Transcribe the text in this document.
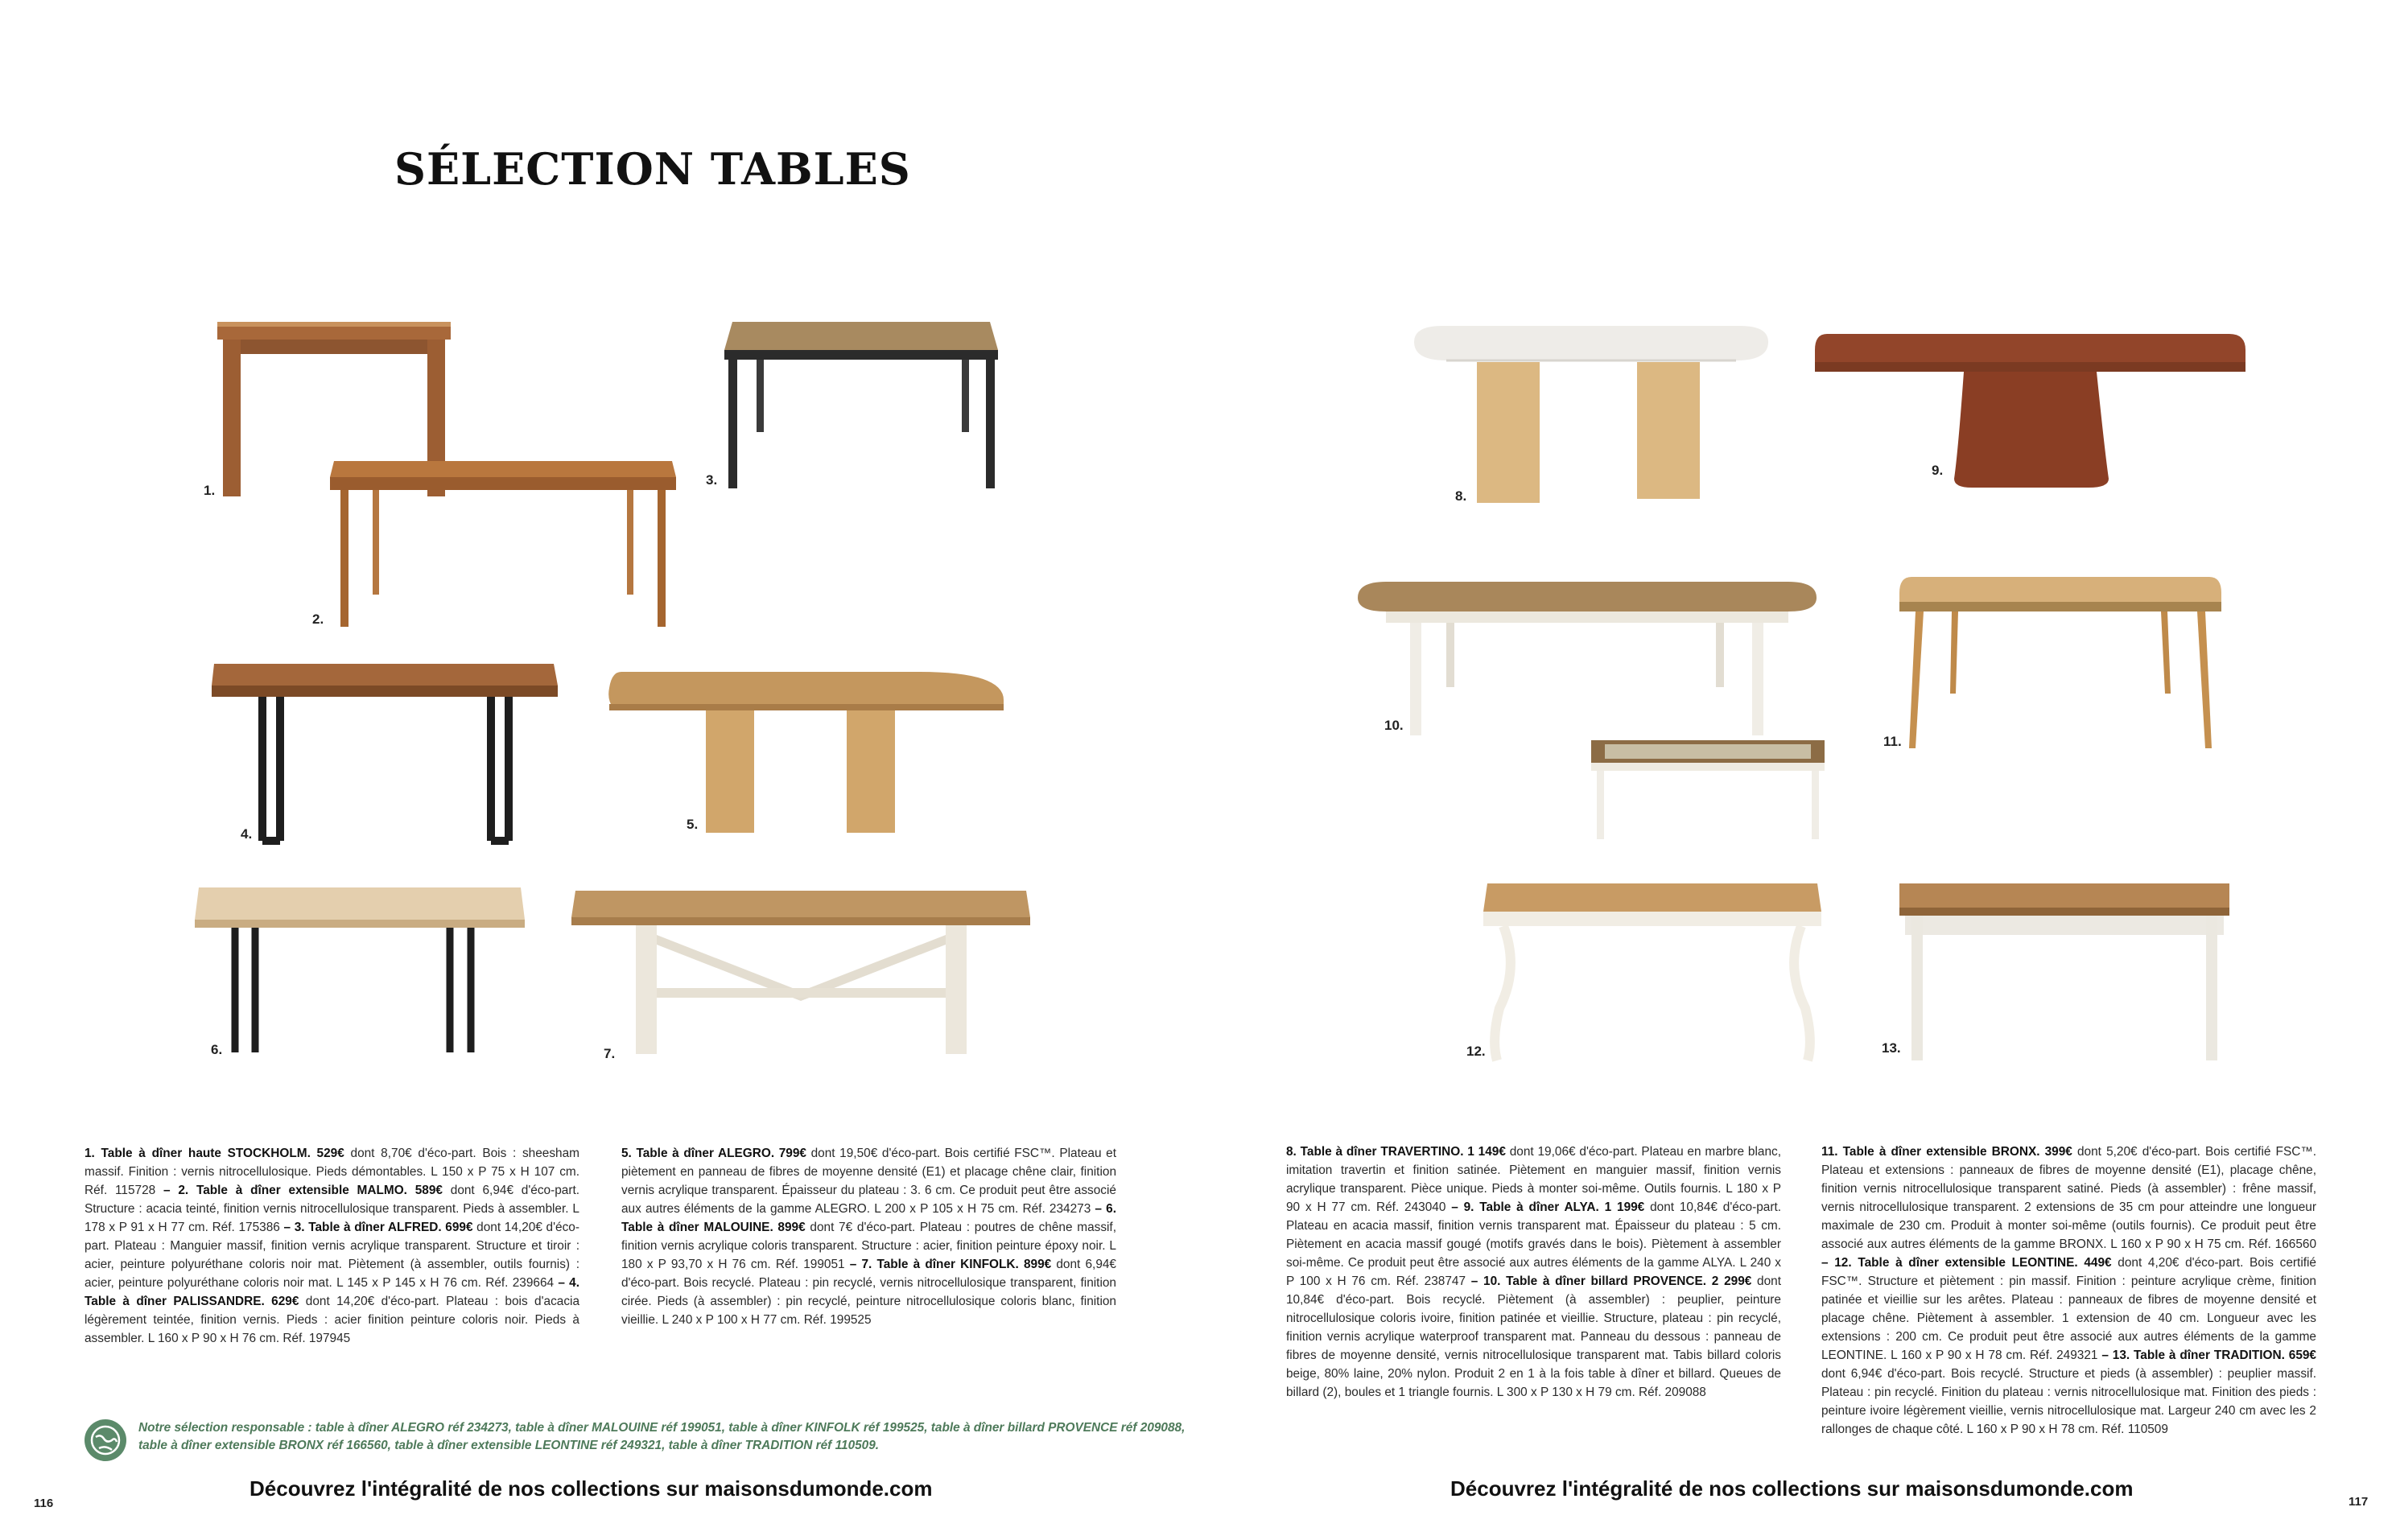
SÉLECTION TABLES
1.
2.
3.
4.
5.
6.	7.
8.
9.
10.
11.
12.	13.
1. Table à dîner haute STOCKHOLM. 529€ dont 8,70€ d'éco-part. Bois : sheesham massif. Finition : vernis nitrocellulosique. Pieds démontables. L 150 x P 75 x H 107 cm. Réf. 115728 – 2. Table à dîner extensible MALMO. 589€ dont 6,94€ d'éco-part. Structure : acacia teinté, finition vernis nitrocellulosique transparent. Pieds à assembler. L 178 x P 91 x H 77 cm. Réf. 175386 – 3. Table à dîner ALFRED. 699€ dont 14,20€ d'éco-part. Plateau : Manguier massif, finition vernis acrylique transparent. Structure et tiroir : acier, peinture polyuréthane coloris noir mat. Piètement (à assembler, outils fournis) : acier, peinture polyuréthane coloris noir mat. L 145 x P 145 x H 76 cm. Réf. 239664 – 4. Table à dîner PALISSANDRE. 629€ dont 14,20€ d'éco-part. Plateau : bois d'acacia légèrement teintée, finition vernis. Pieds : acier finition peinture coloris noir. Pieds à assembler. L 160 x P 90 x H 76 cm. Réf. 197945
5. Table à dîner ALEGRO. 799€ dont 19,50€ d'éco-part. Bois certifié FSC™. Plateau et piètement en panneau de fibres de moyenne densité (E1) et placage chêne clair, finition vernis acrylique transparent. Épaisseur du plateau : 3. 6 cm. Ce produit peut être associé aux autres éléments de la gamme ALEGRO. L 200 x P 105 x H 75 cm. Réf. 234273 – 6. Table à dîner MALOUINE. 899€ dont 7€ d'éco-part. Plateau : poutres de chêne massif, finition vernis acrylique coloris transparent. Structure : acier, finition peinture époxy noir. L 180 x P 93,70 x H 76 cm. Réf. 199051 – 7. Table à dîner KINFOLK. 899€ dont 6,94€ d'éco-part. Bois recyclé. Plateau : pin recyclé, vernis nitrocellulosique transparent, finition cirée. Pieds (à assembler) : pin recyclé, peinture nitrocellulosique coloris blanc, finition vieillie. L 240 x P 100 x H 77 cm. Réf. 199525
8. Table à dîner TRAVERTINO. 1 149€ dont 19,06€ d'éco-part. Plateau en marbre blanc, imitation travertin et finition satinée. Piètement en manguier massif, finition vernis acrylique transparent. Pièce unique. Pieds à monter soi-même. Outils fournis. L 180 x P 90 x H 77 cm. Réf. 243040 – 9. Table à dîner ALYA. 1 199€ dont 10,84€ d'éco-part. Plateau en acacia massif, finition vernis transparent mat. Épaisseur du plateau : 5 cm. Piètement en acacia massif gougé (motifs gravés dans le bois). Piètement à assembler soi-même. Ce produit peut être associé aux autres éléments de la gamme ALYA. L 240 x P 100 x H 76 cm. Réf. 238747 – 10. Table à dîner billard PROVENCE. 2 299€ dont 10,84€ d'éco-part. Bois recyclé. Piètement (à assembler) : peuplier, peinture nitrocellulosique coloris ivoire, finition patinée et vieillie. Structure, plateau : pin recyclé, finition vernis acrylique waterproof transparent mat. Panneau du dessous : panneau de fibres de moyenne densité, vernis nitrocellulosique transparent mat. Tabis billard coloris beige, 80% laine, 20% nylon. Produit 2 en 1 à la fois table à dîner et billard. Queues de billard (2), boules et 1 triangle fournis. L 300 x P 130 x H 79 cm. Réf. 209088
11. Table à dîner extensible BRONX. 399€ dont 5,20€ d'éco-part. Bois certifié FSC™. Plateau et extensions : panneaux de fibres de moyenne densité (E1), placage chêne, finition vernis nitrocellulosique transparent satiné. Pieds (à assembler) : frêne massif, vernis nitrocellulosique transparent. 2 extensions de 35 cm pour atteindre une longueur maximale de 230 cm. Produit à monter soi-même (outils fournis). Ce produit peut être associé aux autres éléments de la gamme BRONX. L 160 x P 90 x H 75 cm. Réf. 166560 – 12. Table à dîner extensible LEONTINE. 449€ dont 4,20€ d'éco-part. Bois certifié FSC™. Structure et piètement : pin massif. Finition : peinture acrylique crème, finition patinée et vieillie sur les arêtes. Plateau : panneaux de fibres de moyenne densité et placage chêne. Piètement à assembler. 1 extension de 40 cm. Longueur avec les extensions : 200 cm. Ce produit peut être associé aux autres éléments de la gamme LEONTINE. L 160 x P 90 x H 78 cm. Réf. 249321 – 13. Table à dîner TRADITION. 659€ dont 6,94€ d'éco-part. Bois recyclé. Structure et pieds (à assembler) : peuplier massif. Plateau : pin recyclé. Finition du plateau : vernis nitrocellulosique mat. Finition des pieds : peinture ivoire légèrement vieillie, vernis nitrocellulosique mat. Largeur 240 cm avec les 2 rallonges de chaque côté. L 160 x P 90 x H 78 cm. Réf. 110509
Notre sélection responsable : table à dîner ALEGRO réf 234273, table à dîner MALOUINE réf 199051, table à dîner KINFOLK réf 199525, table à dîner billard PROVENCE réf 209088, table à dîner extensible BRONX réf 166560, table à dîner extensible LEONTINE réf 249321, table à dîner TRADITION réf 110509.
Découvrez l'intégralité de nos collections sur maisonsdumonde.com	Découvrez l'intégralité de nos collections sur maisonsdumonde.com
116	117
